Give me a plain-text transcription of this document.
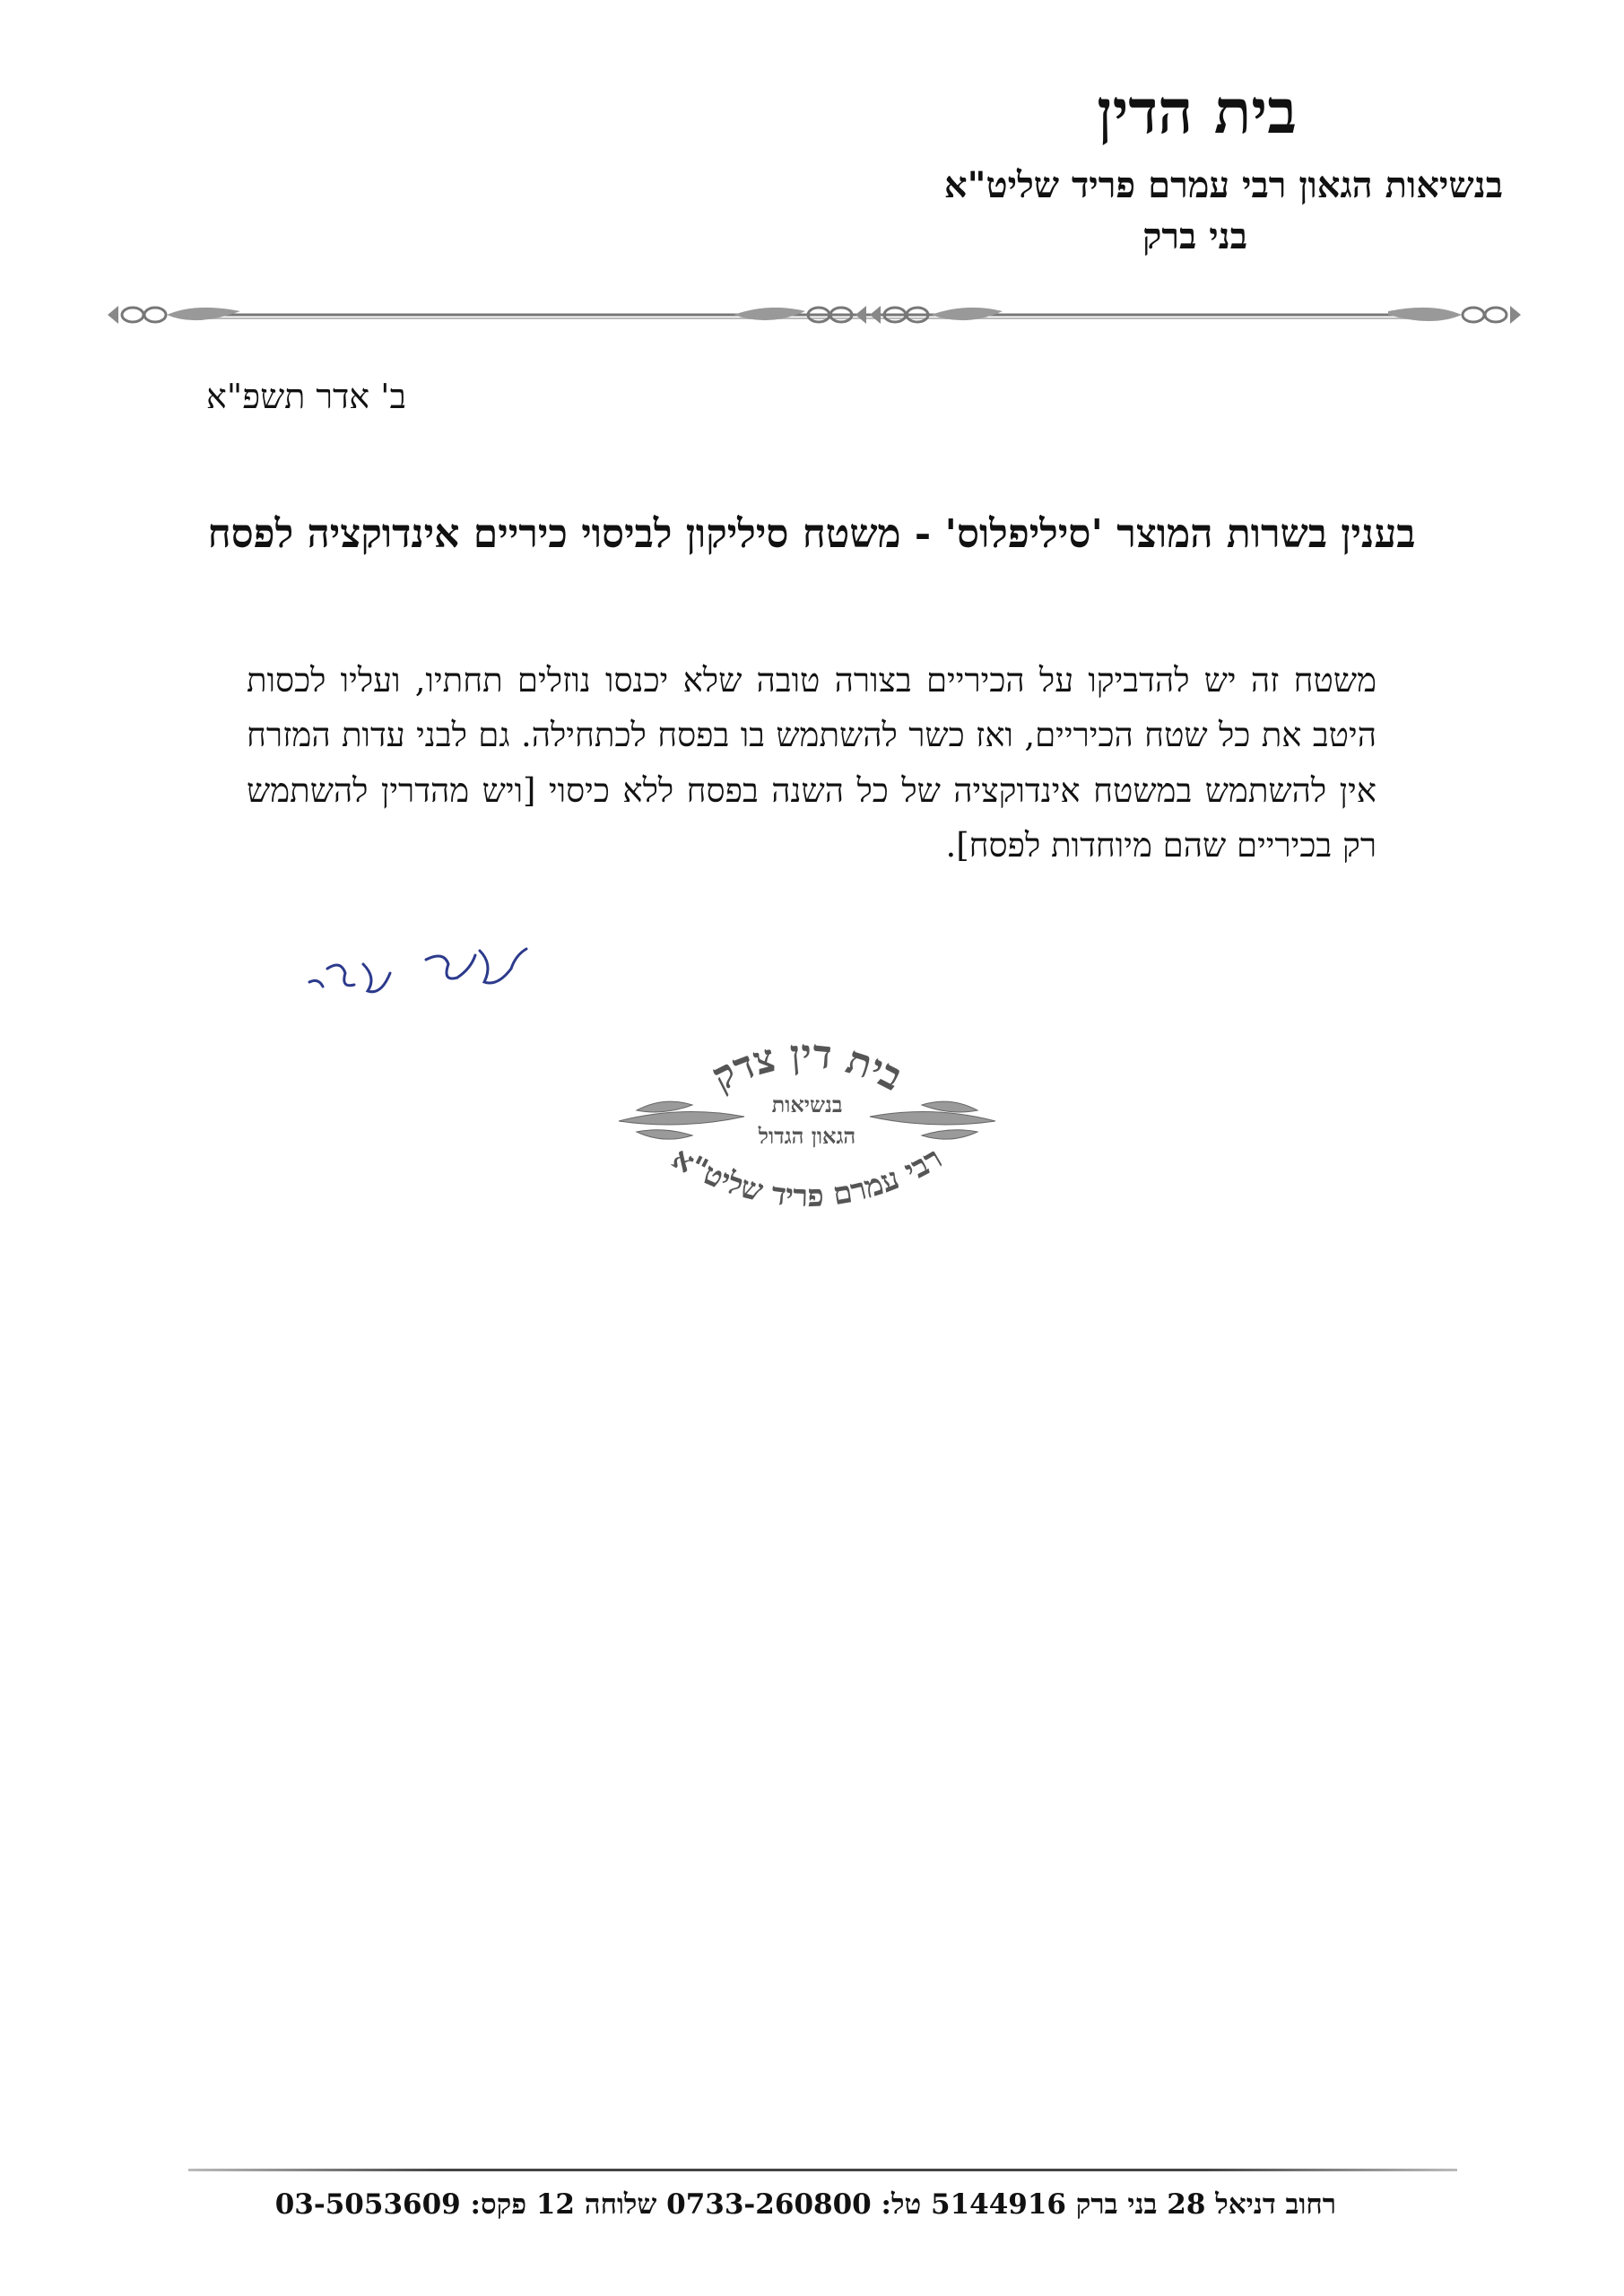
בית הדין
בנשיאות הגאון רבי עמרם פריד שליט"א
בני ברק
ב' אדר תשפ"א
בענין בשרות המוצר 'סיליפלוס' - משטח סיליקון לביסוי כיריים אינדוקציה לפסח
משטח זה יש להדביקו על הכיריים בצורה טובה שלא יכנסו נוזלים תחתיו, ועליו לכסות היטב את כל שטח הכיריים, ואז כשר להשתמש בו בפסח לכתחילה. גם לבני עדות המזרח אין להשתמש במשטח אינדוקציה של כל השנה בפסח ללא כיסוי [ויש מהדרין להשתמש רק בכיריים שהם מיוחדות לפסח].
בית דין צדק
בנשיאות
הגאון הגדול
רבי עמרם פריד שליט"א
רחוב דניאל 28 בני ברק 5144916 טל: 0733-260800 שלוחה 12 פקס: 03-5053609
